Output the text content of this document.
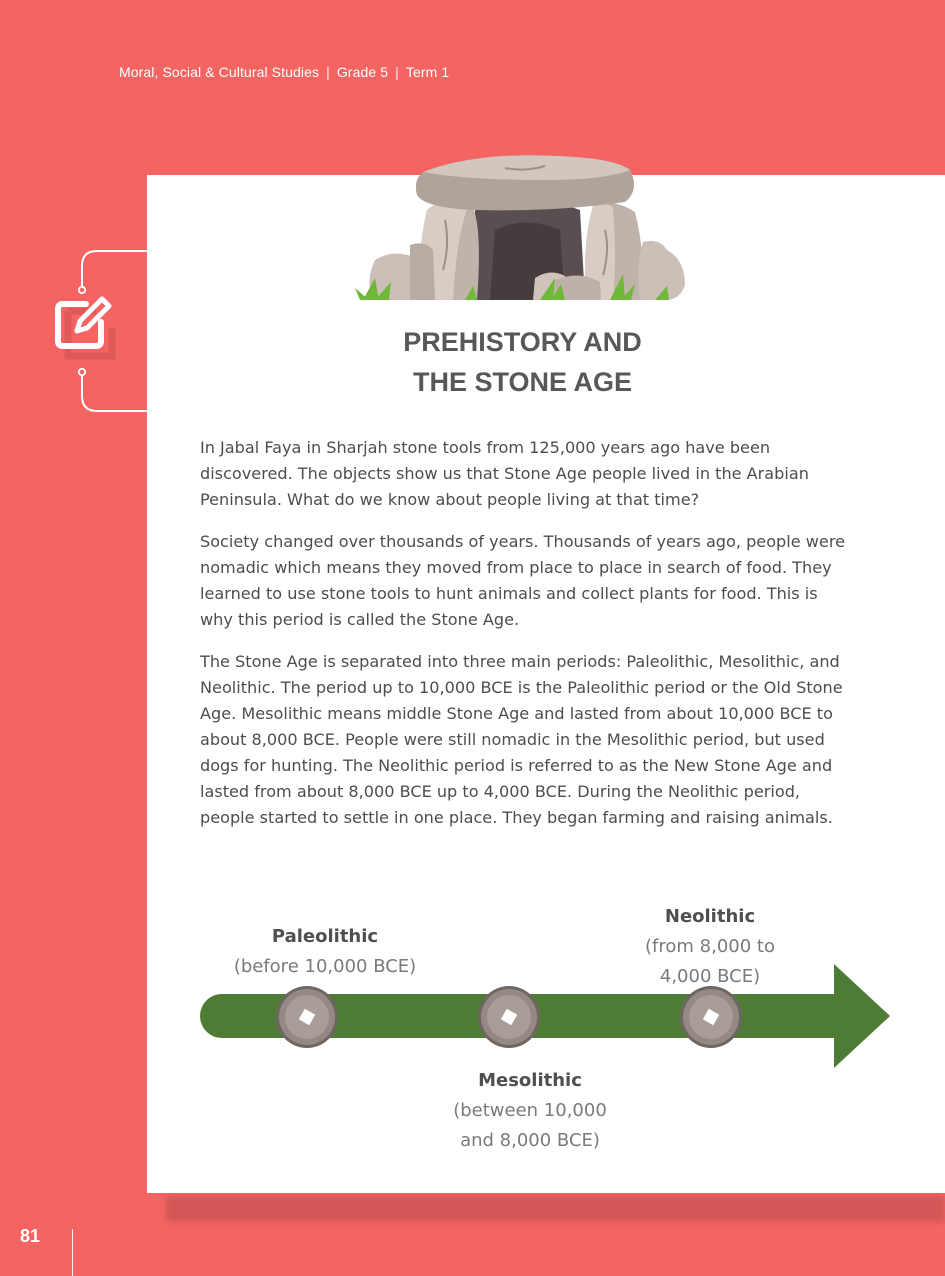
Moral, Social & Cultural Studies | Grade 5 | Term 1
PREHISTORY AND
THE STONE AGE

In Jabal Faya in Sharjah stone tools from 125,000 years ago have been discovered. The objects show us that Stone Age people lived in the Arabian Peninsula. What do we know about people living at that time?

Society changed over thousands of years. Thousands of years ago, people were nomadic which means they moved from place to place in search of food. They learned to use stone tools to hunt animals and collect plants for food. This is why this period is called the Stone Age.

The Stone Age is separated into three main periods: Paleolithic, Mesolithic, and Neolithic. The period up to 10,000 BCE is the Paleolithic period or the Old Stone Age. Mesolithic means middle Stone Age and lasted from about 10,000 BCE to about 8,000 BCE. People were still nomadic in the Mesolithic period, but used dogs for hunting. The Neolithic period is referred to as the New Stone Age and lasted from about 8,000 BCE up to 4,000 BCE. During the Neolithic period, people started to settle in one place. They began farming and raising animals.

Paleolithic
(before 10,000 BCE)
Mesolithic
(between 10,000
and 8,000 BCE)
Neolithic
(from 8,000 to
4,000 BCE)
81
